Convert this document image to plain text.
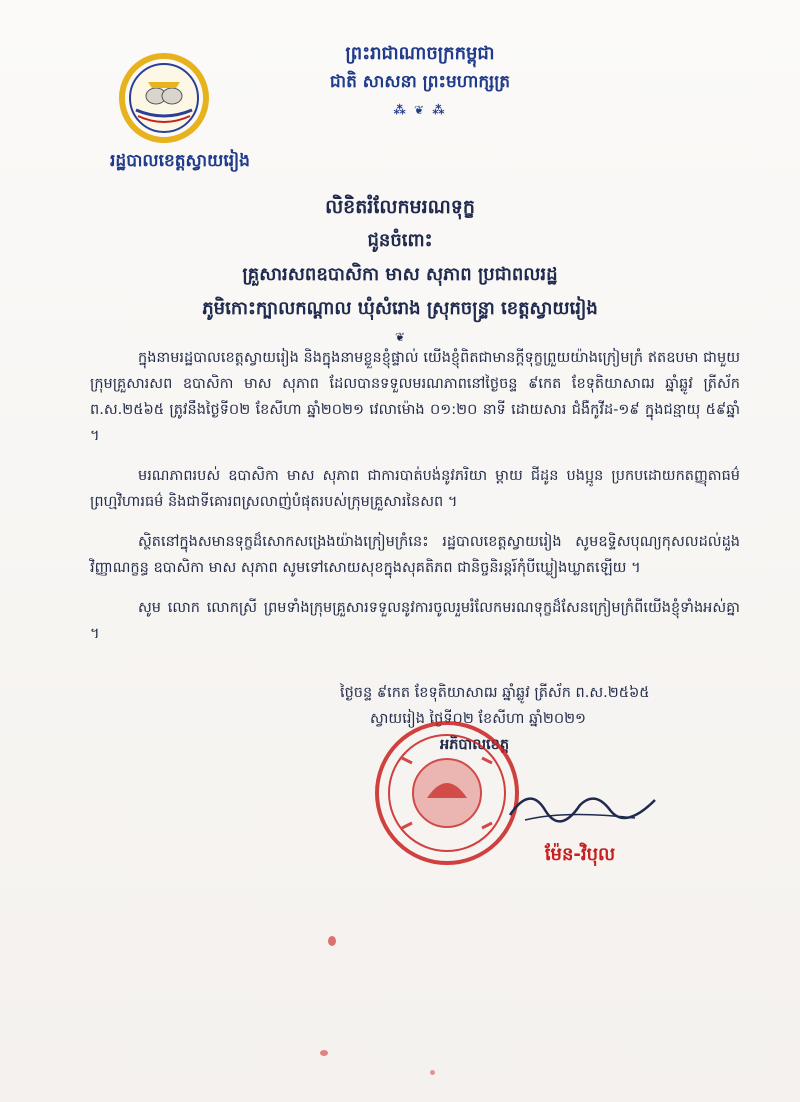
រដ្ឋបាលខេត្តស្វាយរៀង
ព្រះរាជាណាចក្រកម្ពុជា
ជាតិ សាសនា ព្រះមហាក្សត្រ
⁂ ❦ ⁂
លិខិតរំលែកមរណទុក្ខ
ជូនចំពោះ
គ្រួសារសពឧបាសិកា មាស សុភាព ប្រជាពលរដ្ឋ
ភូមិកោះក្បាលកណ្តាល ឃុំសំរោង ស្រុកចន្ទ្រា ខេត្តស្វាយរៀង
❦

ក្នុងនាមរដ្ឋបាលខេត្តស្វាយរៀង និងក្នុងនាមខ្លួនខ្ញុំផ្ទាល់ យើងខ្ញុំពិតជាមានក្តីទុក្ខព្រួយយ៉ាងក្រៀមក្រំ ឥតឧបមា ជាមួយក្រុមគ្រួសារសព ឧបាសិកា មាស សុភាព ដែលបានទទួលមរណភាពនៅថ្ងៃចន្ទ ៩កេត ខែទុតិយាសាឍ ឆ្នាំឆ្លូវ ត្រីស័ក ព.ស.២៥៦៥ ត្រូវនឹងថ្ងៃទី០២ ខែសីហា ឆ្នាំ២០២១ វេលាម៉ោង ០១:២០ នាទី ដោយសារ ជំងឺកូវីដ-១៩ ក្នុងជន្មាយុ ៥៩ឆ្នាំ ។

មរណភាពរបស់ ឧបាសិកា មាស សុភាព ជាការបាត់បង់នូវភរិយា ម្តាយ ជីដូន បងប្អូន ប្រកបដោយកតញ្ញុតាធម៌ ព្រហ្មវិហារធម៌ និងជាទីគោរពស្រលាញ់បំផុតរបស់ក្រុមគ្រួសារនៃសព ។

ស្ថិតនៅក្នុងសមានទុក្ខដ៏សោកសង្រេងយ៉ាងក្រៀមក្រំនេះ រដ្ឋបាលខេត្តស្វាយរៀង សូមឧទ្ទិសបុណ្យកុសលដល់ដួងវិញ្ញាណក្ខន្ធ ឧបាសិកា មាស សុភាព សូមទៅសោយសុខក្នុងសុគតិភព ជានិច្ចនិរន្តរ៍កុំបីឃ្លៀងឃ្លាតឡើយ ។

សូម លោក លោកស្រី ព្រមទាំងក្រុមគ្រួសារទទួលនូវការចូលរួមរំលែកមរណទុក្ខដ៏សែនក្រៀមក្រំពីយើងខ្ញុំទាំងអស់គ្នា ។

ថ្ងៃចន្ទ ៩កេត ខែទុតិយាសាឍ ឆ្នាំឆ្លូវ ត្រីស័ក ព.ស.២៥៦៥
ស្វាយរៀង ថ្ងៃទី០២ ខែសីហា ឆ្នាំ២០២១
អភិបាលខេត្ត
ម៉ែន-វិបុល
